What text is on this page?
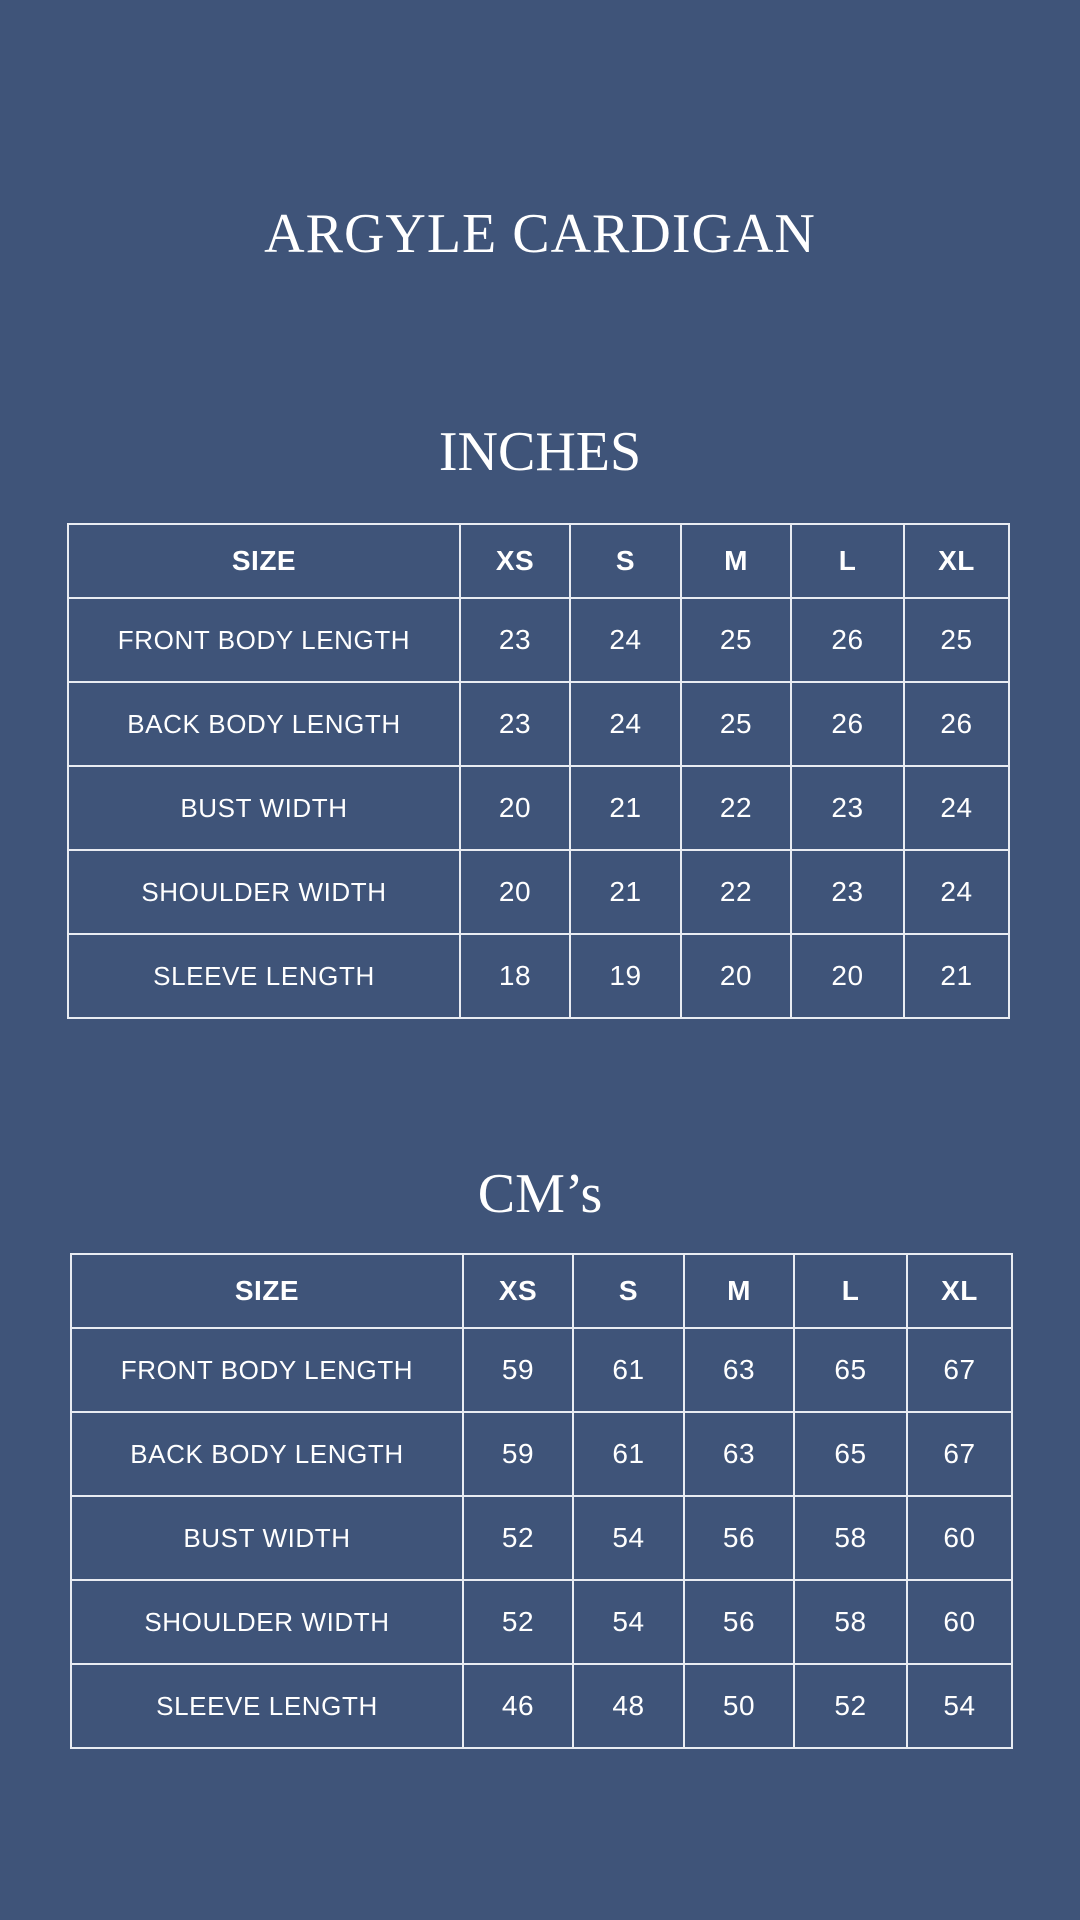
ARGYLE CARDIGAN
INCHES
SIZE	XS	S	M	L	XL
FRONT BODY LENGTH	23	24	25	26	25
BACK BODY LENGTH	23	24	25	26	26
BUST WIDTH	20	21	22	23	24
SHOULDER WIDTH	20	21	22	23	24
SLEEVE LENGTH	18	19	20	20	21
CM’s
SIZE	XS	S	M	L	XL
FRONT BODY LENGTH	59	61	63	65	67
BACK BODY LENGTH	59	61	63	65	67
BUST WIDTH	52	54	56	58	60
SHOULDER WIDTH	52	54	56	58	60
SLEEVE LENGTH	46	48	50	52	54
